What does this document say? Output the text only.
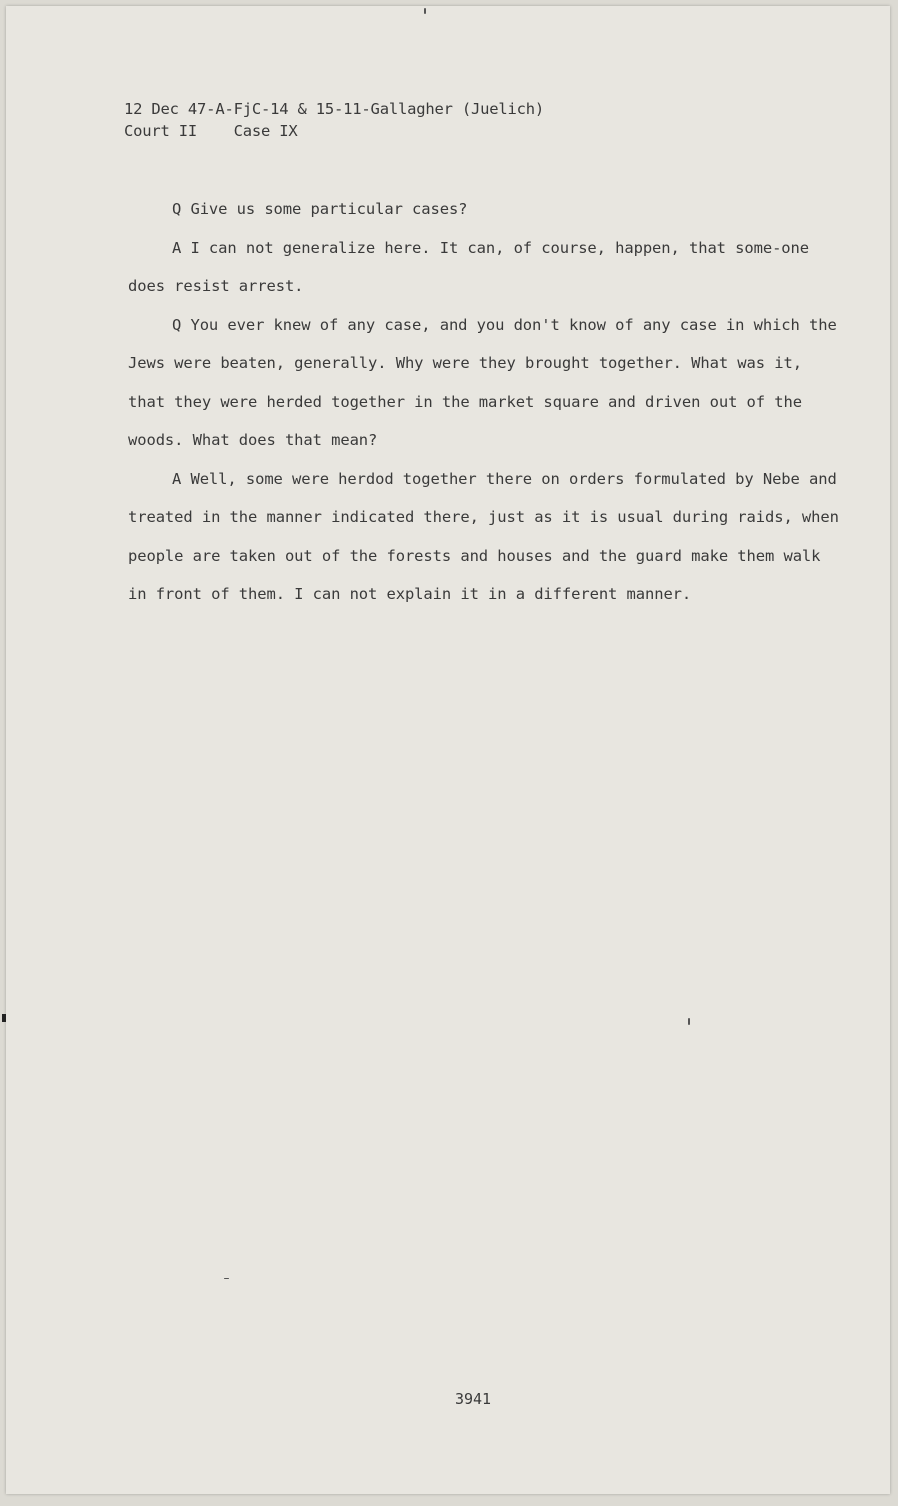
12 Dec 47-A-FjC-14 & 15-11-Gallagher (Juelich)
Court II    Case IX

Q Give us some particular cases?

A I can not generalize here. It can, of course, happen, that some-one does resist arrest.

Q You ever knew of any case, and you don't know of any case in which the Jews were beaten, generally. Why were they brought together. What was it, that they were herded together in the market square and driven out of the woods. What does that mean?

A Well, some were herdod together there on orders formulated by Nebe and treated in the manner indicated there, just as it is usual during raids, when people are taken out of the forests and houses and the guard make them walk in front of them. I can not explain it in a different manner.

3941
